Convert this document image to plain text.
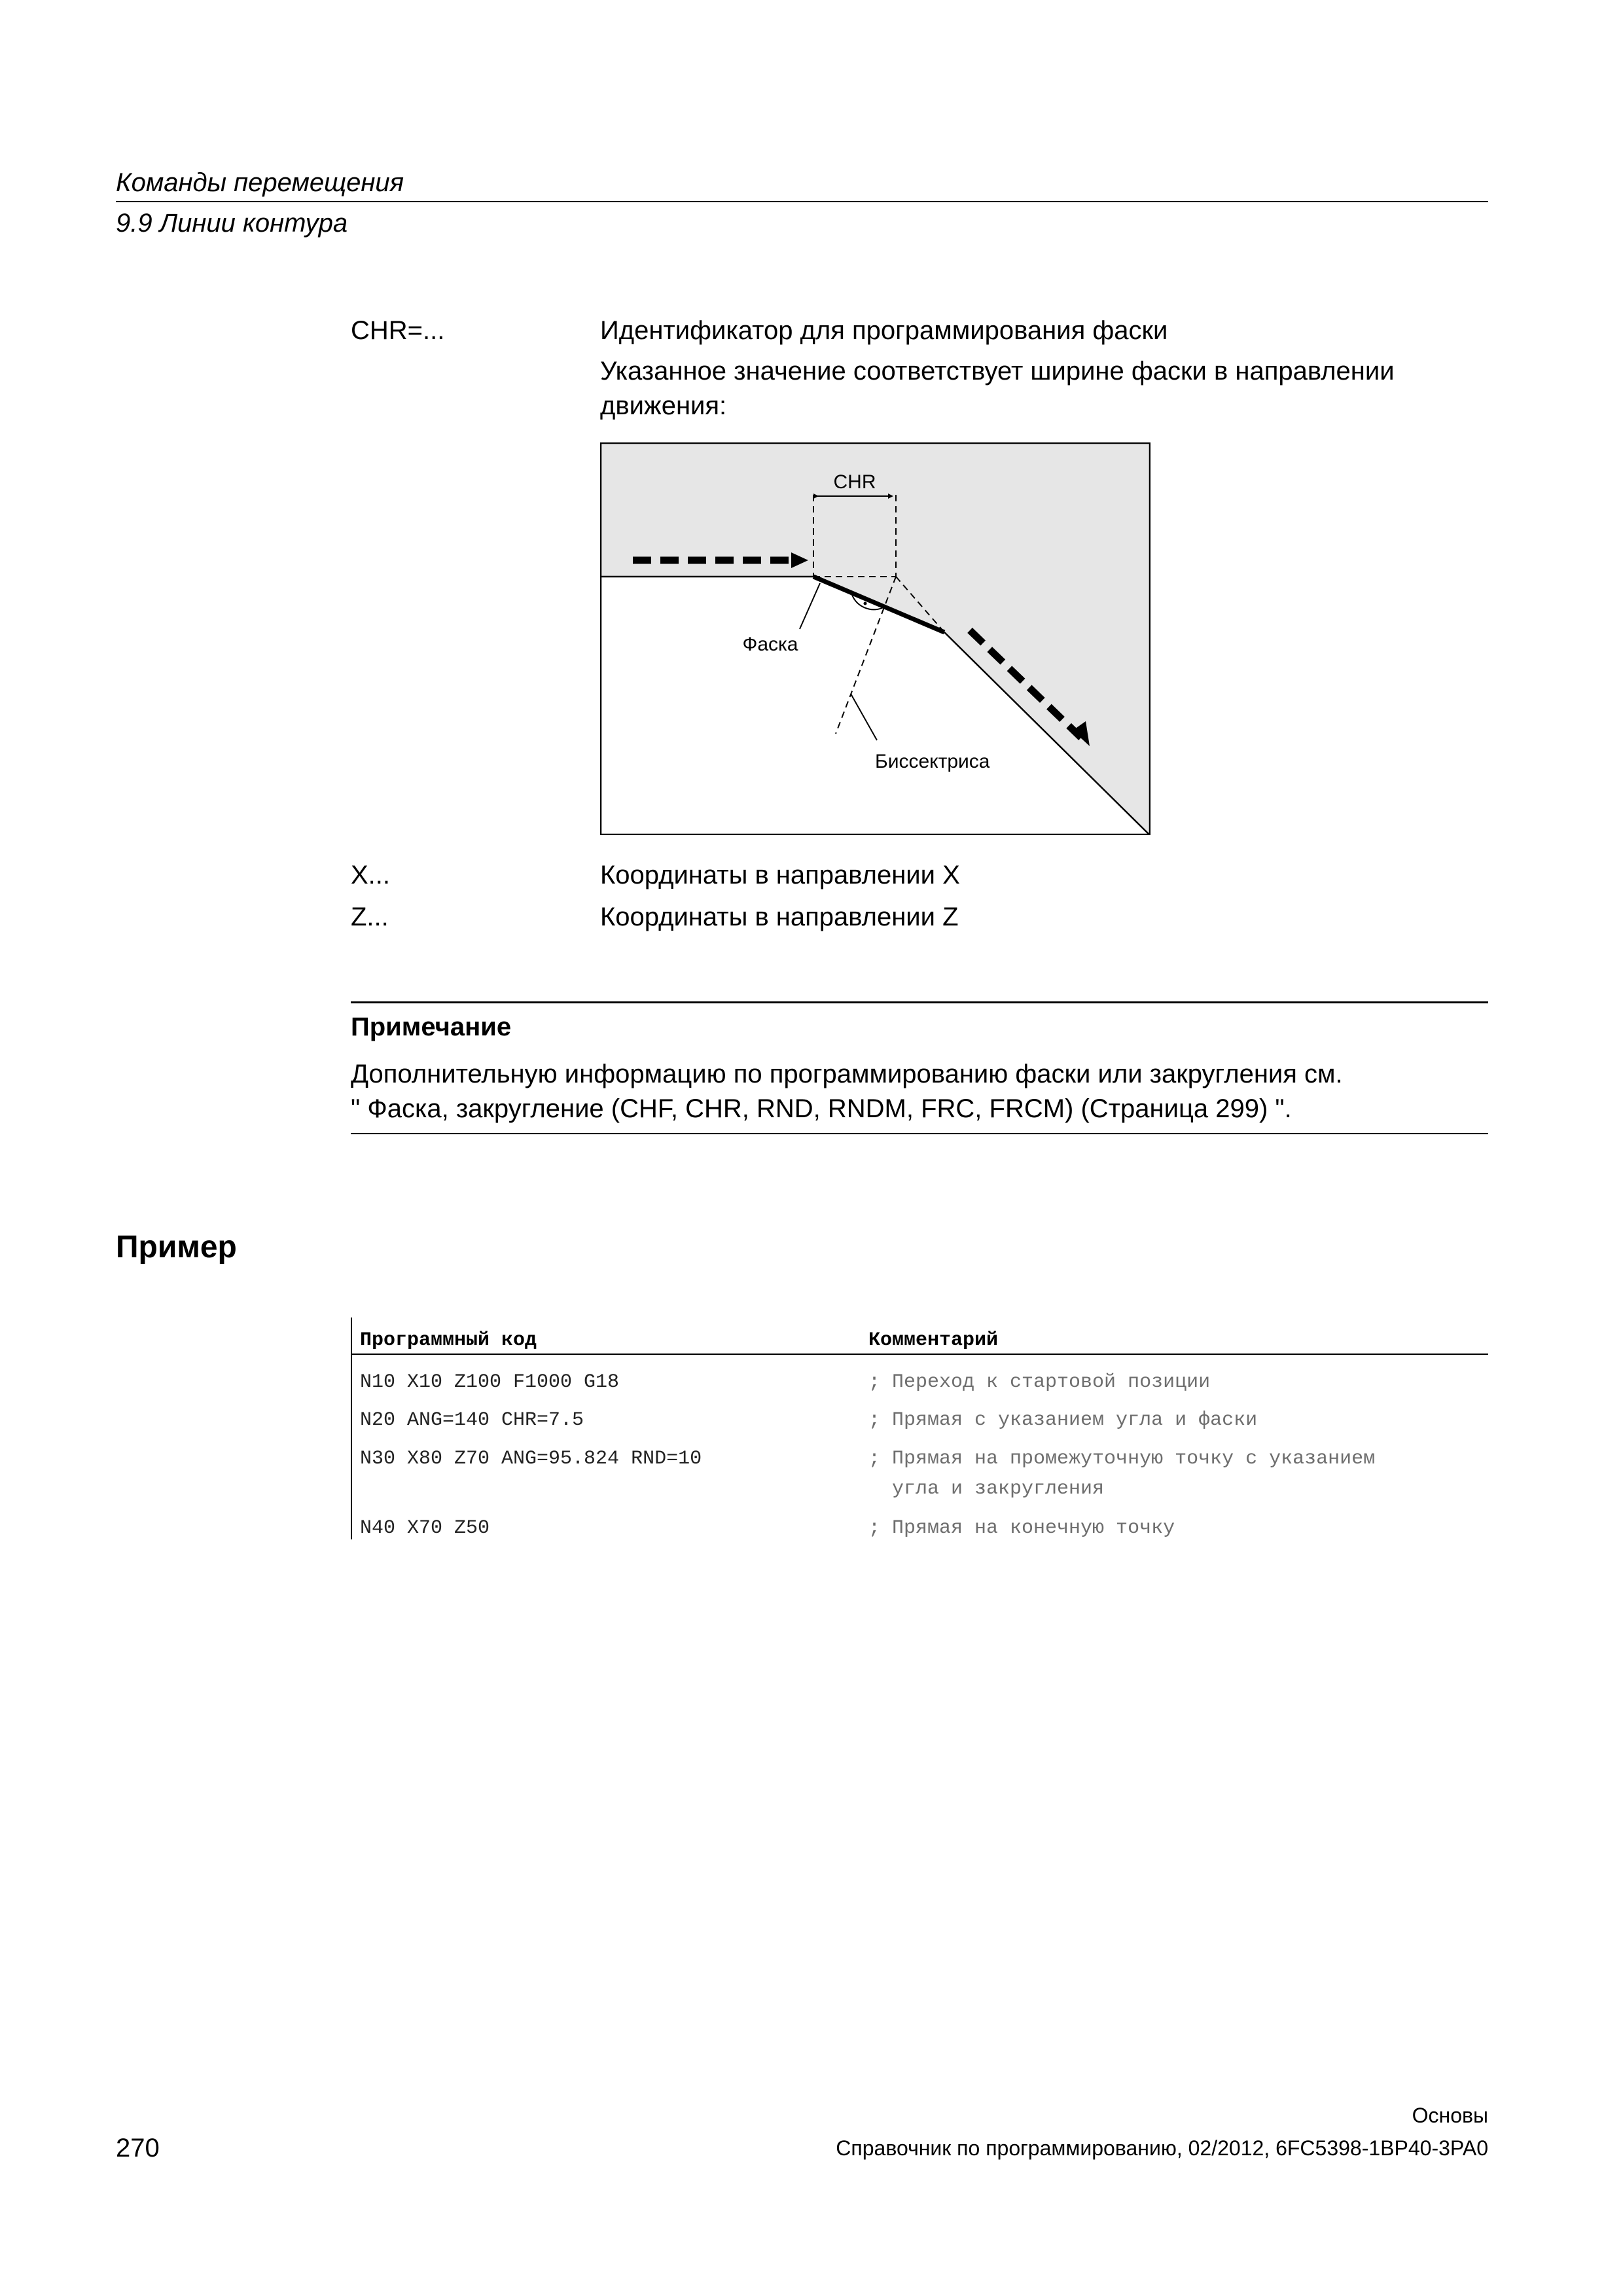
Команды перемещения
9.9 Линии контура
CHR=...	Идентификатор для программирования фаски
Указанное значение соответствует ширине фаски в направлении
движения:
CHR
Фаска
Биссектриса
X...	Координаты в направлении X
Z...	Координаты в направлении Z
Примечание
Дополнительную информацию по программированию фаски или закругления см.
" Фаска, закругление (CHF, CHR, RND, RNDM, FRC, FRCM) (Страница 299) ".
Пример
Программный код	Комментарий
N10 X10 Z100 F1000 G18	; Переход к стартовой позиции
N20 ANG=140 CHR=7.5	; Прямая с указанием угла и фаски
N30 X80 Z70 ANG=95.824 RND=10	; Прямая на промежуточную точку с указанием
угла и закругления
N40 X70 Z50	; Прямая на конечную точку
270
Основы
Справочник по программированию, 02/2012, 6FC5398-1BP40-3PA0
